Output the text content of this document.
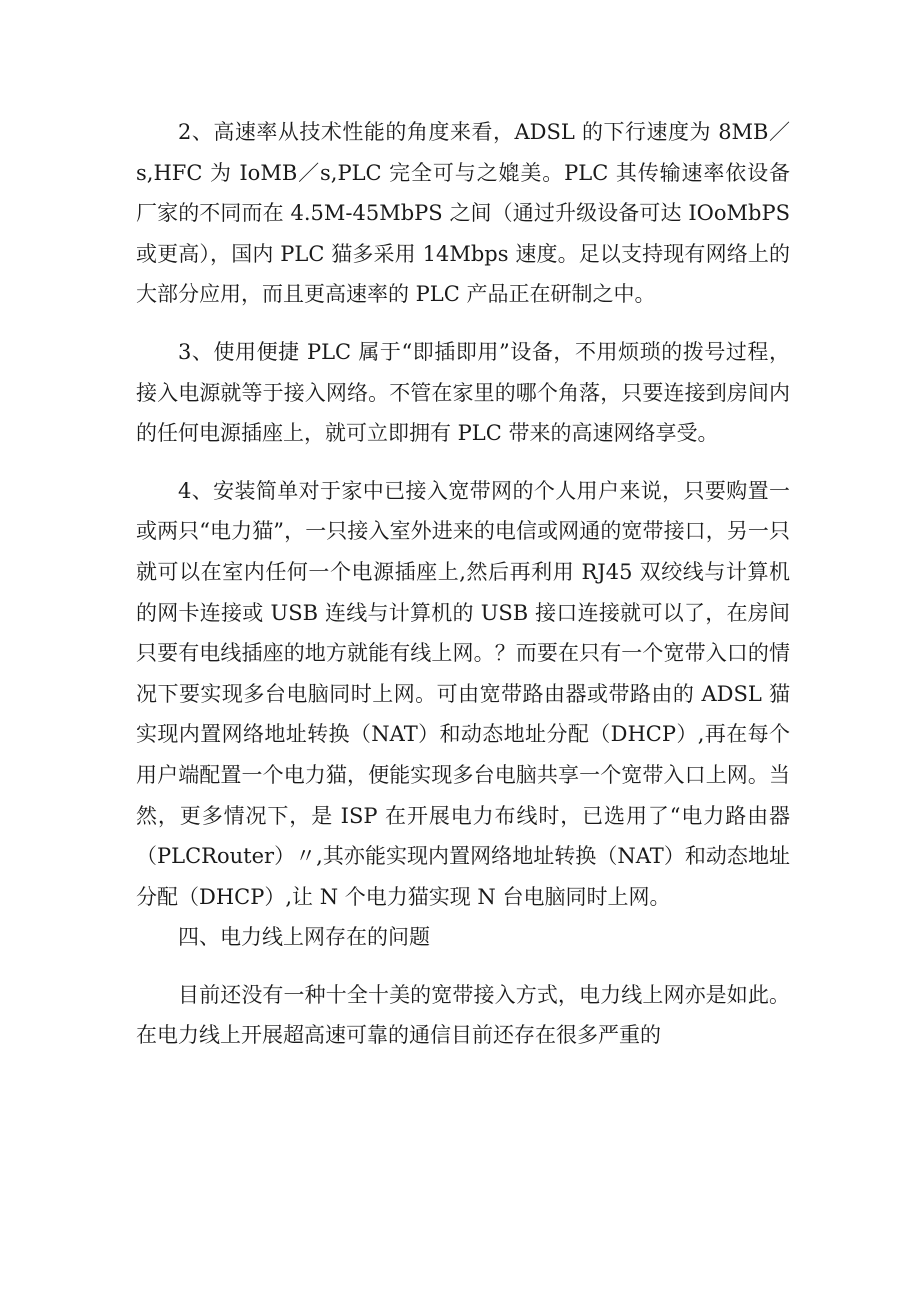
2、高速率从技术性能的角度来看，ADSL 的下行速度为 8MB／s,HFC 为 IoMB／s,PLC 完全可与之媲美。PLC 其传输速率依设备厂家的不同而在 4.5M-45MbPS 之间（通过升级设备可达 IOoMbPS 或更高），国内 PLC 猫多采用 14Mbps 速度。足以支持现有网络上的大部分应用，而且更高速率的 PLC 产品正在研制之中。

3、使用便捷 PLC 属于“即插即用”设备，不用烦琐的拨号过程，接入电源就等于接入网络。不管在家里的哪个角落，只要连接到房间内的任何电源插座上，就可立即拥有 PLC 带来的高速网络享受。

4、安装简单对于家中已接入宽带网的个人用户来说，只要购置一或两只“电力猫”，一只接入室外进来的电信或网通的宽带接口，另一只就可以在室内任何一个电源插座上,然后再利用 RJ45 双绞线与计算机的网卡连接或 USB 连线与计算机的 USB 接口连接就可以了，在房间只要有电线插座的地方就能有线上网。？而要在只有一个宽带入口的情况下要实现多台电脑同时上网。可由宽带路由器或带路由的 ADSL 猫实现内置网络地址转换（NAT）和动态地址分配（DHCP）,再在每个用户端配置一个电力猫，便能实现多台电脑共享一个宽带入口上网。当然，更多情况下，是 ISP 在开展电力布线时，已选用了“电力路由器（PLCRouter）〃,其亦能实现内置网络地址转换（NAT）和动态地址分配（DHCP）,让 N 个电力猫实现 N 台电脑同时上网。

四、电力线上网存在的问题

目前还没有一种十全十美的宽带接入方式，电力线上网亦是如此。在电力线上开展超高速可靠的通信目前还存在很多严重的
